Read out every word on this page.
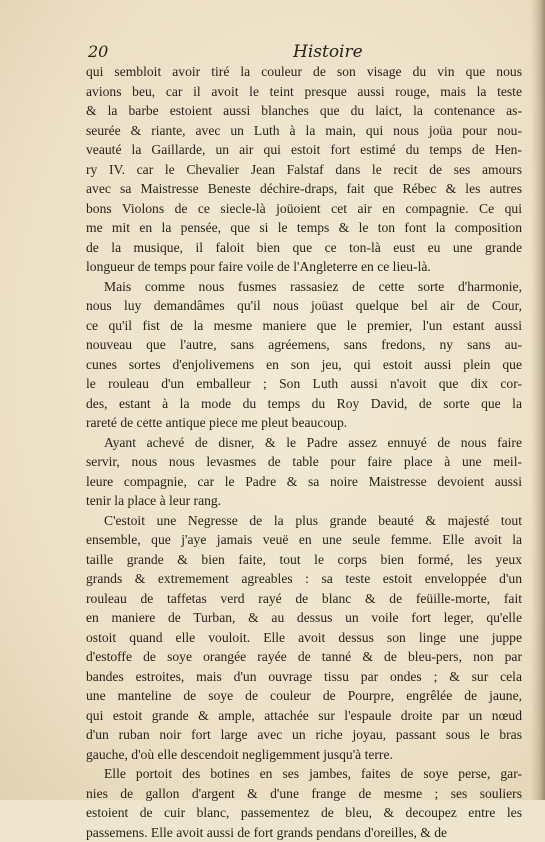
20	Histoire
qui sembloit avoir tiré la couleur de son visage du vin que nous
avions beu, car il avoit le teint presque aussi rouge, mais la teste
& la barbe estoient aussi blanches que du laict, la contenance as-
seurée & riante, avec un Luth à la main, qui nous joüa pour nou-
veauté la Gaillarde, un air qui estoit fort estimé du temps de Hen-
ry IV. car le Chevalier Jean Falstaf dans le recit de ses amours
avec sa Maistresse Beneste déchire-draps, fait que Rébec & les autres
bons Violons de ce siecle-là joüoient cet air en compagnie. Ce qui
me mit en la pensée, que si le temps & le ton font la composition
de la musique, il faloit bien que ce ton-là eust eu une grande
longueur de temps pour faire voile de l'Angleterre en ce lieu-là.
Mais comme nous fusmes rassasiez de cette sorte d'harmonie,
nous luy demandâmes qu'il nous joüast quelque bel air de Cour,
ce qu'il fist de la mesme maniere que le premier, l'un estant aussi
nouveau que l'autre, sans agréemens, sans fredons, ny sans au-
cunes sortes d'enjolivemens en son jeu, qui estoit aussi plein que
le rouleau d'un emballeur ; Son Luth aussi n'avoit que dix cor-
des, estant à la mode du temps du Roy David, de sorte que la
rareté de cette antique piece me pleut beaucoup.
Ayant achevé de disner, & le Padre assez ennuyé de nous faire
servir, nous nous levasmes de table pour faire place à une meil-
leure compagnie, car le Padre & sa noire Maistresse devoient aussi
tenir la place à leur rang.
C'estoit une Negresse de la plus grande beauté & majesté tout
ensemble, que j'aye jamais veuë en une seule femme. Elle avoit la
taille grande & bien faite, tout le corps bien formé, les yeux
grands & extremement agreables : sa teste estoit enveloppée d'un
rouleau de taffetas verd rayé de blanc & de feüille-morte, fait
en maniere de Turban, & au dessus un voile fort leger, qu'elle
ostoit quand elle vouloit. Elle avoit dessus son linge une juppe
d'estoffe de soye orangée rayée de tanné & de bleu-pers, non par
bandes estroites, mais d'un ouvrage tissu par ondes ; & sur cela
une manteline de soye de couleur de Pourpre, engrêlée de jaune,
qui estoit grande & ample, attachée sur l'espaule droite par un nœud
d'un ruban noir fort large avec un riche joyau, passant sous le bras
gauche, d'où elle descendoit negligemment jusqu'à terre.
Elle portoit des botines en ses jambes, faites de soye perse, gar-
nies de gallon d'argent & d'une frange de mesme ; ses souliers
estoient de cuir blanc, passementez de bleu, & decoupez entre les
passemens. Elle avoit aussi de fort grands pendans d'oreilles, & de
